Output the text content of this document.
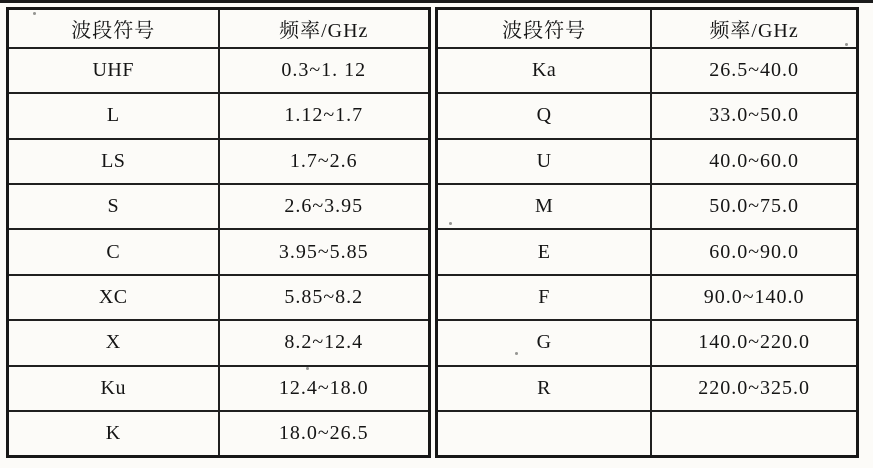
波段符号	频率/GHz
UHF	0.3~1. 12
L	1.12~1.7
LS	1.7~2.6
S	2.6~3.95
C	3.95~5.85
XC	5.85~8.2
X	8.2~12.4
Ku	12.4~18.0
K	18.0~26.5
波段符号	频率/GHz
Ka	26.5~40.0
Q	33.0~50.0
U	40.0~60.0
M	50.0~75.0
E	60.0~90.0
F	90.0~140.0
G	140.0~220.0
R	220.0~325.0
